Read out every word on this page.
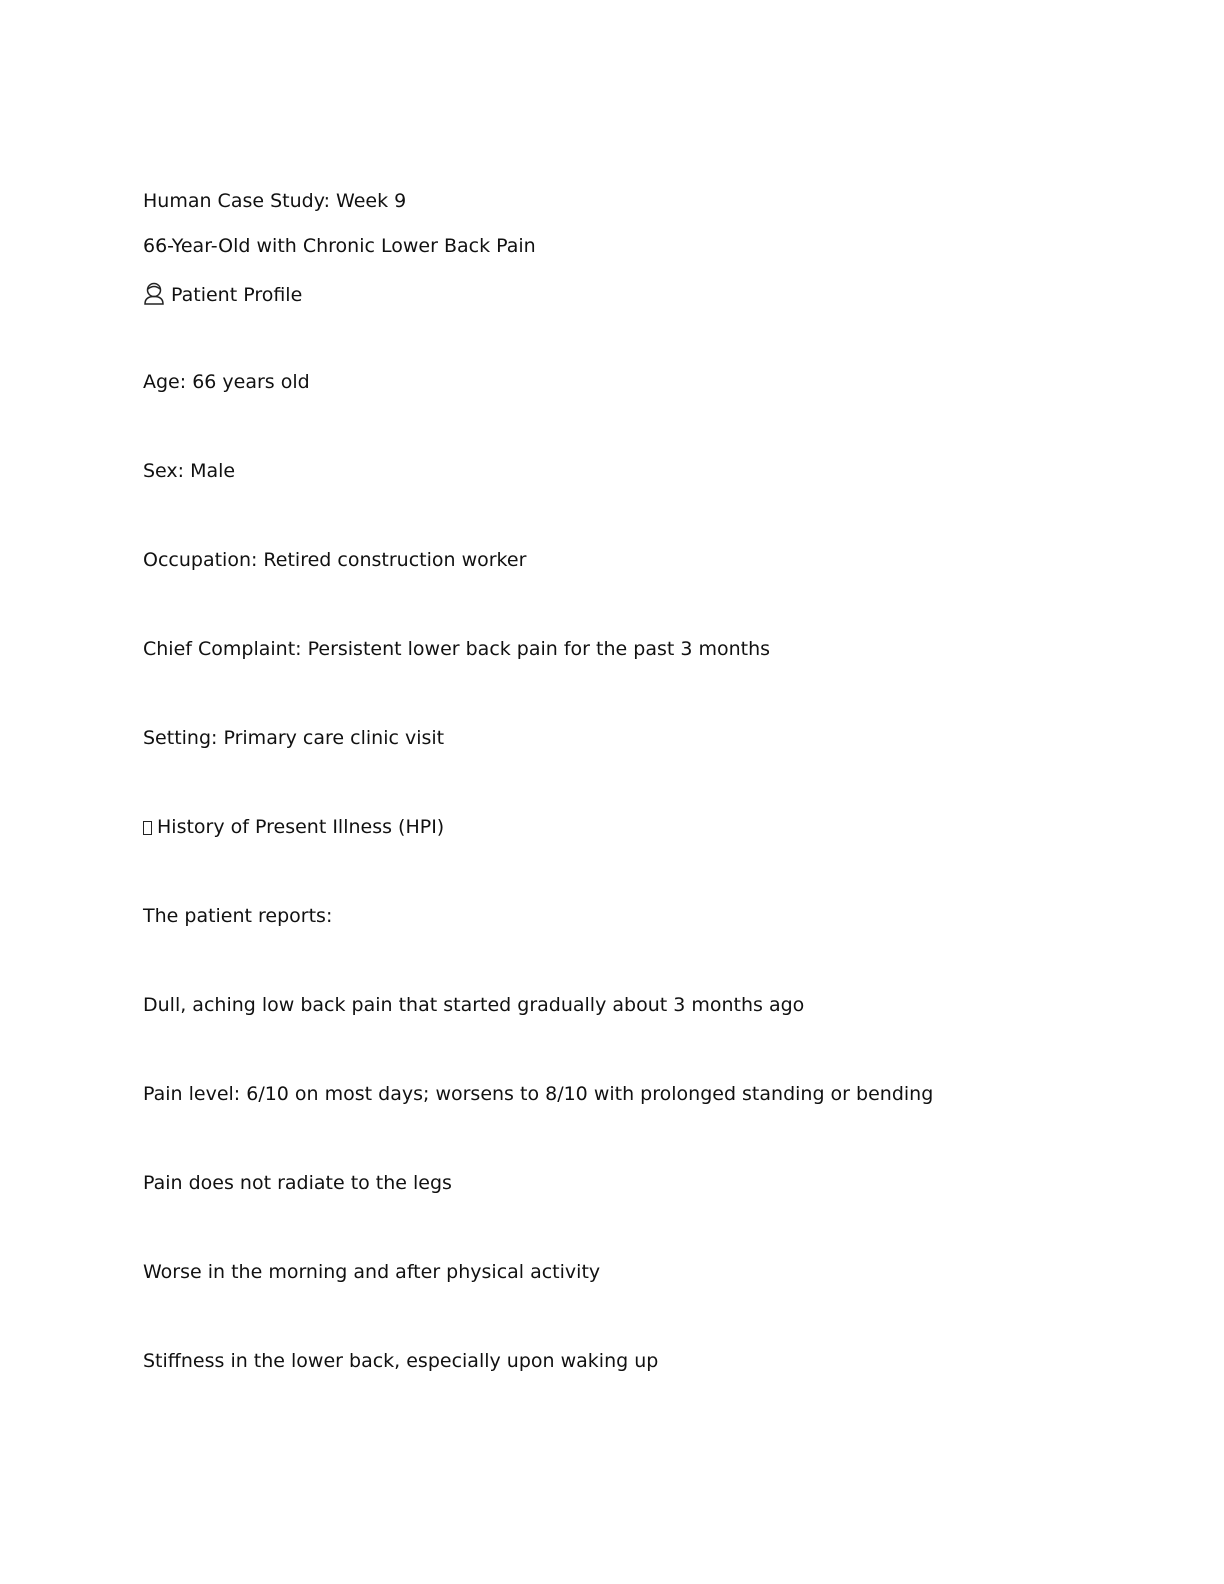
Human Case Study: Week 9
66-Year-Old with Chronic Lower Back Pain
Patient Profile
Age: 66 years old
Sex: Male
Occupation: Retired construction worker
Chief Complaint: Persistent lower back pain for the past 3 months
Setting: Primary care clinic visit
History of Present Illness (HPI)
The patient reports:
Dull, aching low back pain that started gradually about 3 months ago
Pain level: 6/10 on most days; worsens to 8/10 with prolonged standing or bending
Pain does not radiate to the legs
Worse in the morning and after physical activity
Stiffness in the lower back, especially upon waking up
